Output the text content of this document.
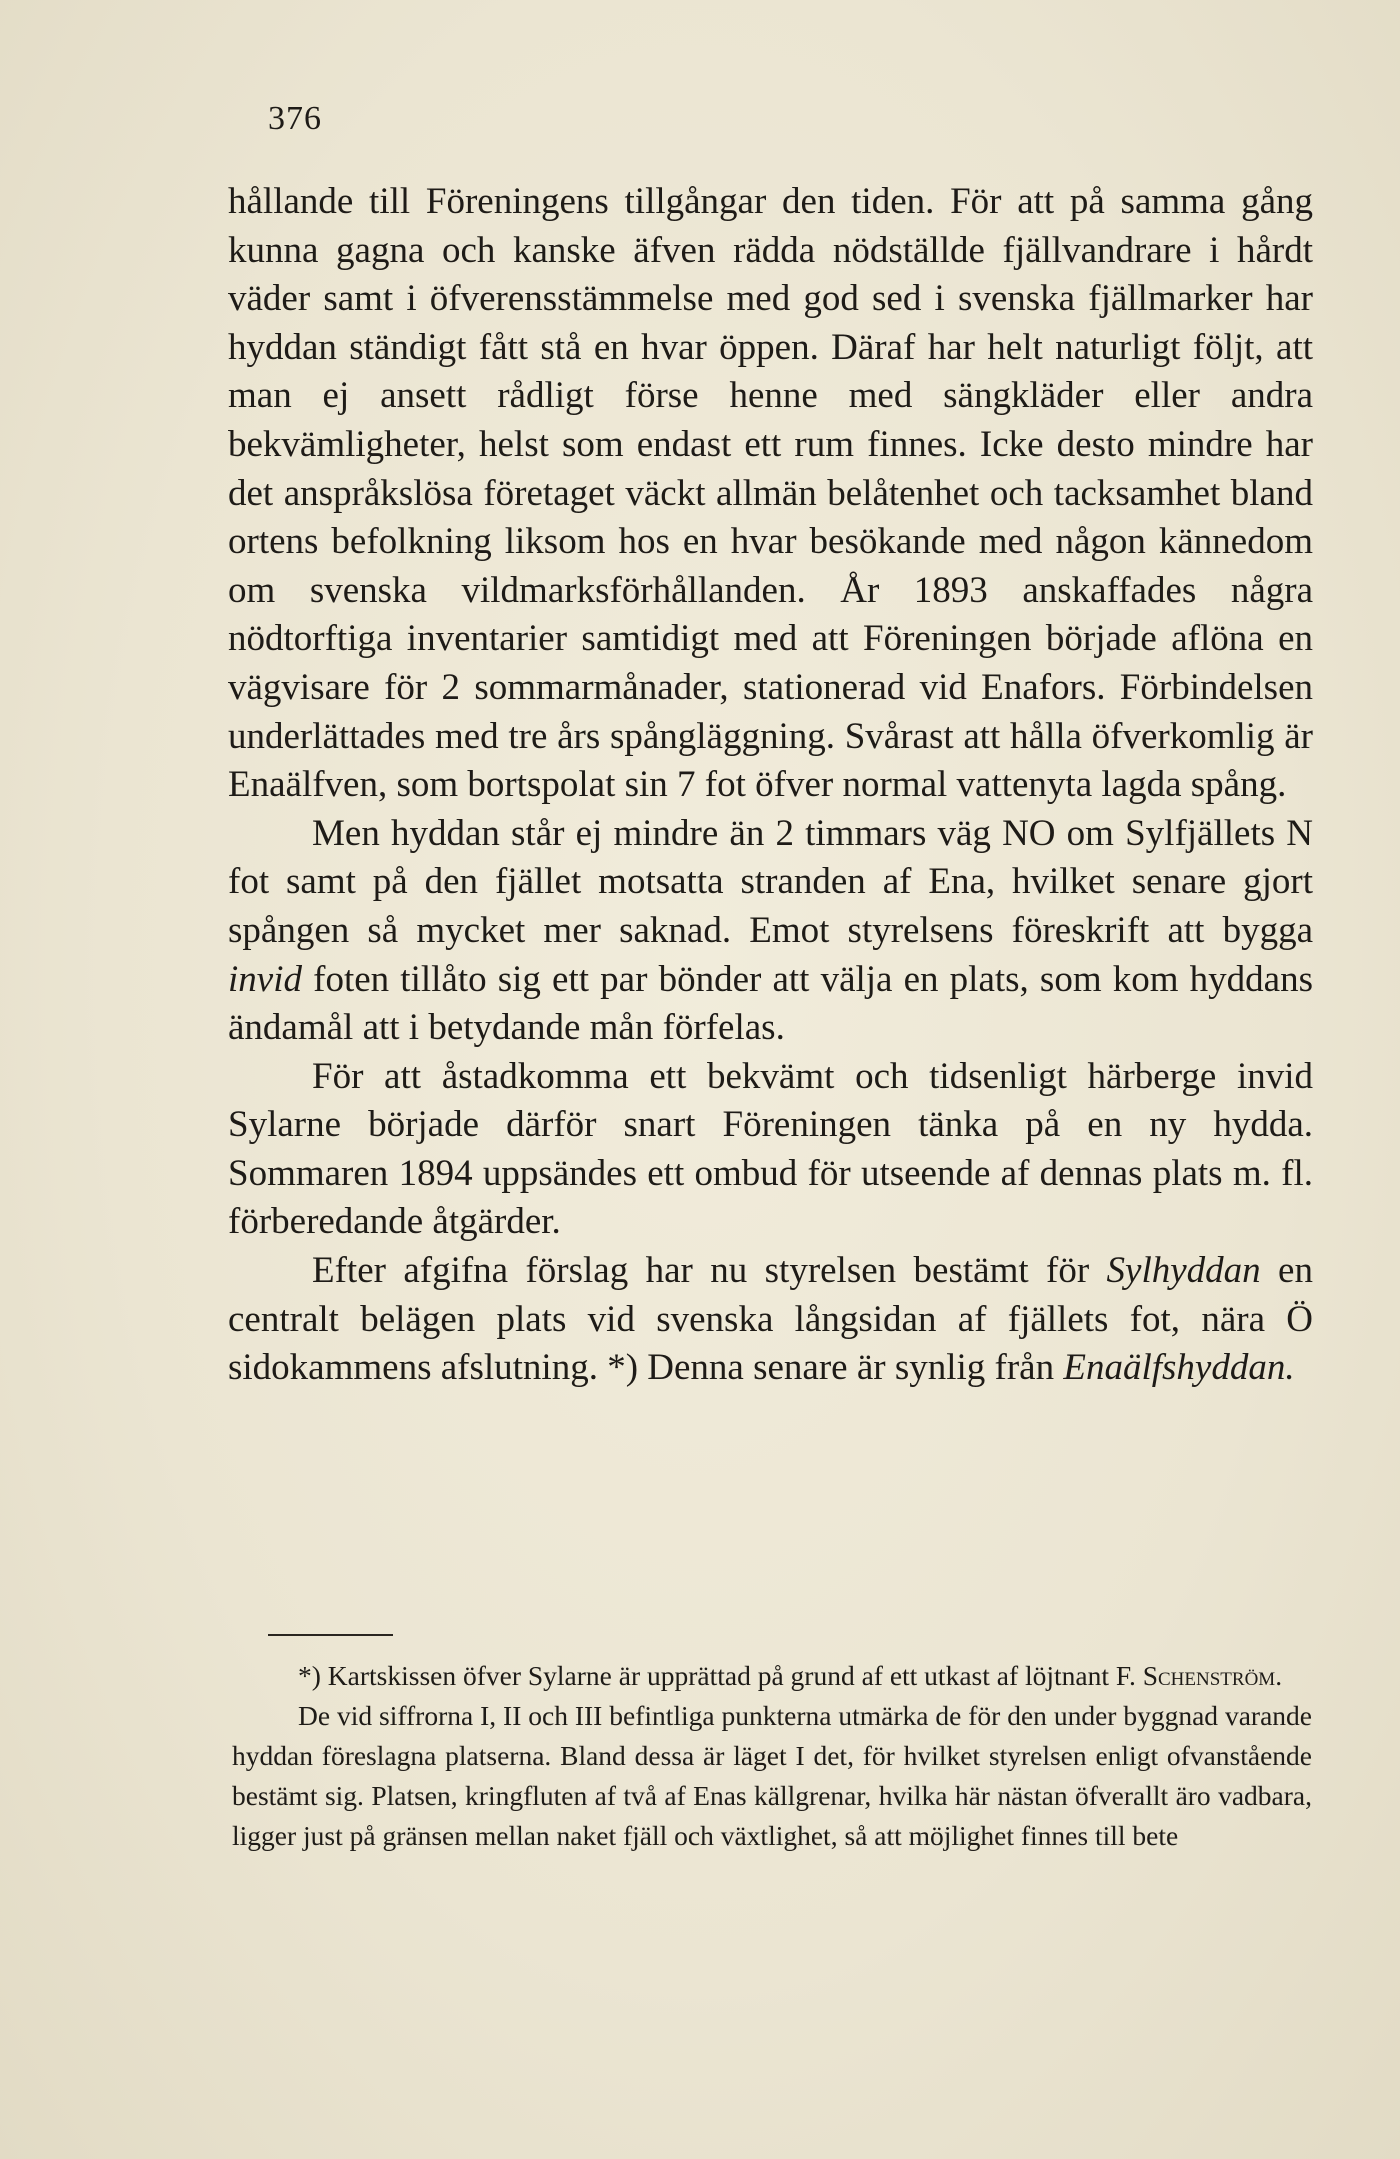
376

hållande till Föreningens tillgångar den tiden. För att på samma gång kunna gagna och kanske äfven rädda nödställde fjällvandrare i hårdt väder samt i öfverensstämmelse med god sed i svenska fjällmarker har hyddan ständigt fått stå en hvar öppen. Däraf har helt naturligt följt, att man ej ansett rådligt förse henne med sängkläder eller andra bekvämligheter, helst som endast ett rum finnes. Icke desto mindre har det anspråkslösa företaget väckt allmän belåtenhet och tacksamhet bland ortens befolkning liksom hos en hvar besökande med någon kännedom om svenska vildmarksförhållanden. År 1893 anskaffades några nödtorftiga inventarier samtidigt med att Föreningen började aflöna en vägvisare för 2 sommarmånader, stationerad vid Enafors. Förbindelsen underlättades med tre års spångläggning. Svårast att hålla öfverkomlig är Enaälfven, som bortspolat sin 7 fot öfver normal vattenyta lagda spång.

Men hyddan står ej mindre än 2 timmars väg NO om Sylfjällets N fot samt på den fjället motsatta stranden af Ena, hvilket senare gjort spången så mycket mer saknad. Emot styrelsens föreskrift att bygga invid foten tillåto sig ett par bönder att välja en plats, som kom hyddans ändamål att i betydande mån förfelas.

För att åstadkomma ett bekvämt och tidsenligt härberge invid Sylarne började därför snart Föreningen tänka på en ny hydda. Sommaren 1894 uppsändes ett ombud för utseende af dennas plats m. fl. förberedande åtgärder.

Efter afgifna förslag har nu styrelsen bestämt för Sylhyddan en centralt belägen plats vid svenska långsidan af fjällets fot, nära Ö sidokammens afslutning. *) Denna senare är synlig från Enaälfshyddan.

*) Kartskissen öfver Sylarne är upprättad på grund af ett utkast af löjtnant F. Schenström.

De vid siffrorna I, II och III befintliga punkterna utmärka de för den under byggnad varande hyddan föreslagna platserna. Bland dessa är läget I det, för hvilket styrelsen enligt ofvanstående bestämt sig. Platsen, kringfluten af två af Enas källgrenar, hvilka här nästan öfverallt äro vadbara, ligger just på gränsen mellan naket fjäll och växtlighet, så att möjlighet finnes till bete
